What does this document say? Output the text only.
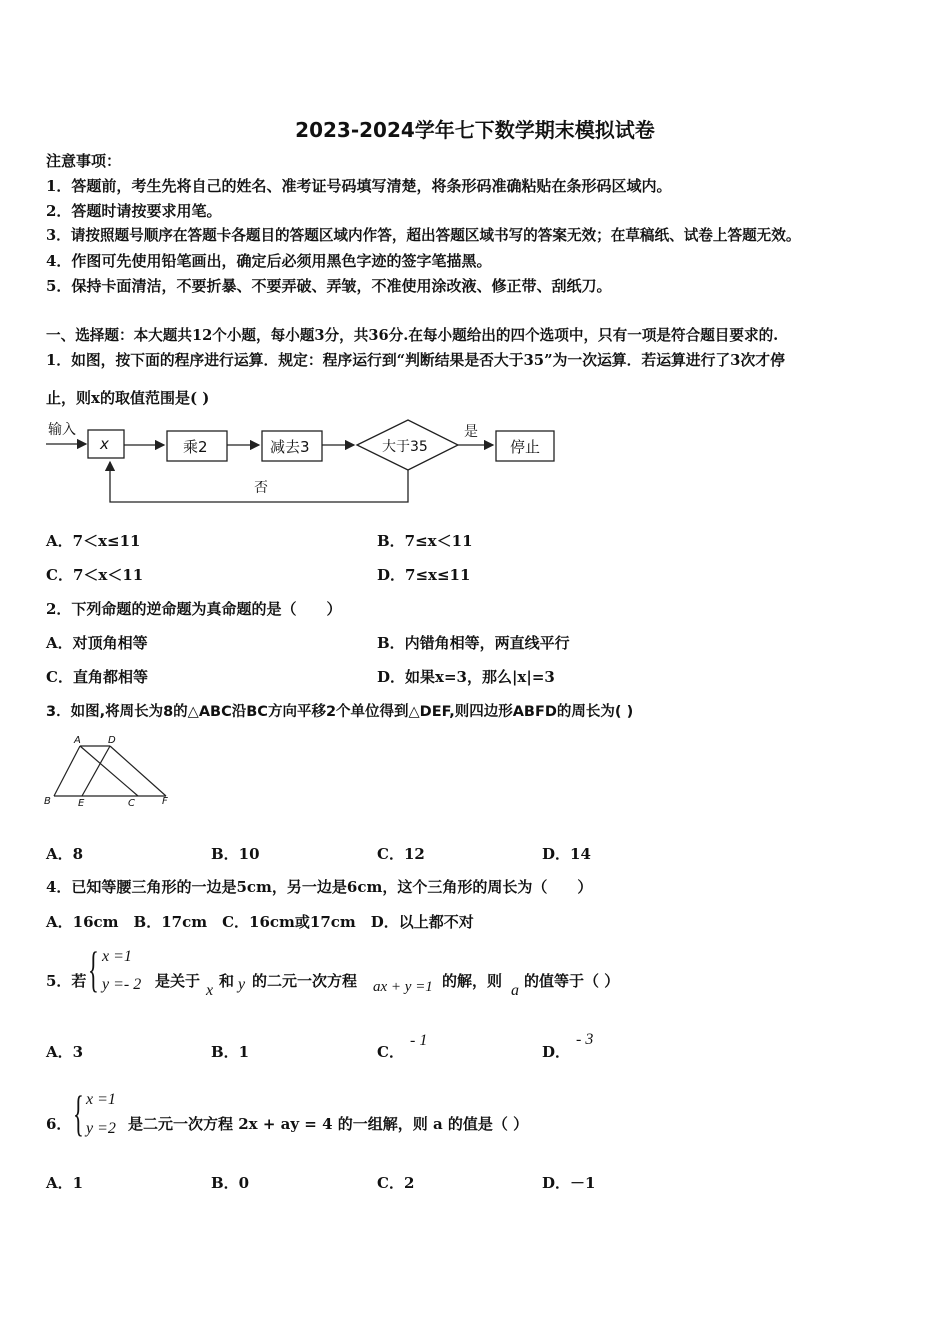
2023-2024学年七下数学期末模拟试卷
注意事项：
1．答题前，考生先将自己的姓名、准考证号码填写清楚，将条形码准确粘贴在条形码区域内。
2．答题时请按要求用笔。
3．请按照题号顺序在答题卡各题目的答题区域内作答，超出答题区域书写的答案无效；在草稿纸、试卷上答题无效。
4．作图可先使用铅笔画出，确定后必须用黑色字迹的签字笔描黑。
5．保持卡面清洁，不要折暴、不要弄破、弄皱，不准使用涂改液、修正带、刮纸刀。
一、选择题：本大题共12个小题，每小题3分，共36分.在每小题给出的四个选项中，只有一项是符合题目要求的.
1．如图，按下面的程序进行运算．规定：程序运行到“判断结果是否大于35”为一次运算．若运算进行了3次才停
止，则x的取值范围是( )
输入
x	乘2	减去3	大于35
是
停止
否
A．7＜x≤11	B．7≤x＜11
C．7＜x＜11	D．7≤x≤11
2．下列命题的逆命题为真命题的是（　　）
A．对顶角相等	B．内错角相等，两直线平行
C．直角都相等	D．如果x=3，那么|x|=3
3．如图,将周长为8的△ABC沿BC方向平移2个单位得到△DEF,则四边形ABFD的周长为( )
A	D
B	E	C	F
A．8	B．10	C．12	D．14
4．已知等腰三角形的一边是5cm，另一边是6cm，这个三角形的周长为（　　）
A．16cm　B．17cm　C．16cm或17cm　D．以上都不对
5．若 { x =1
y =- 2 是关于
x
和 y 的二元一次方程 ax + y =1 的解，则
a
的值等于（ ）
A．3	B．1	C．
- 1
D．
- 3
6． { x =1
y =2 是二元一次方程 2x + ay = 4 的一组解，则 a 的值是（ ）
A．1	B．0	C．2	D．－1
